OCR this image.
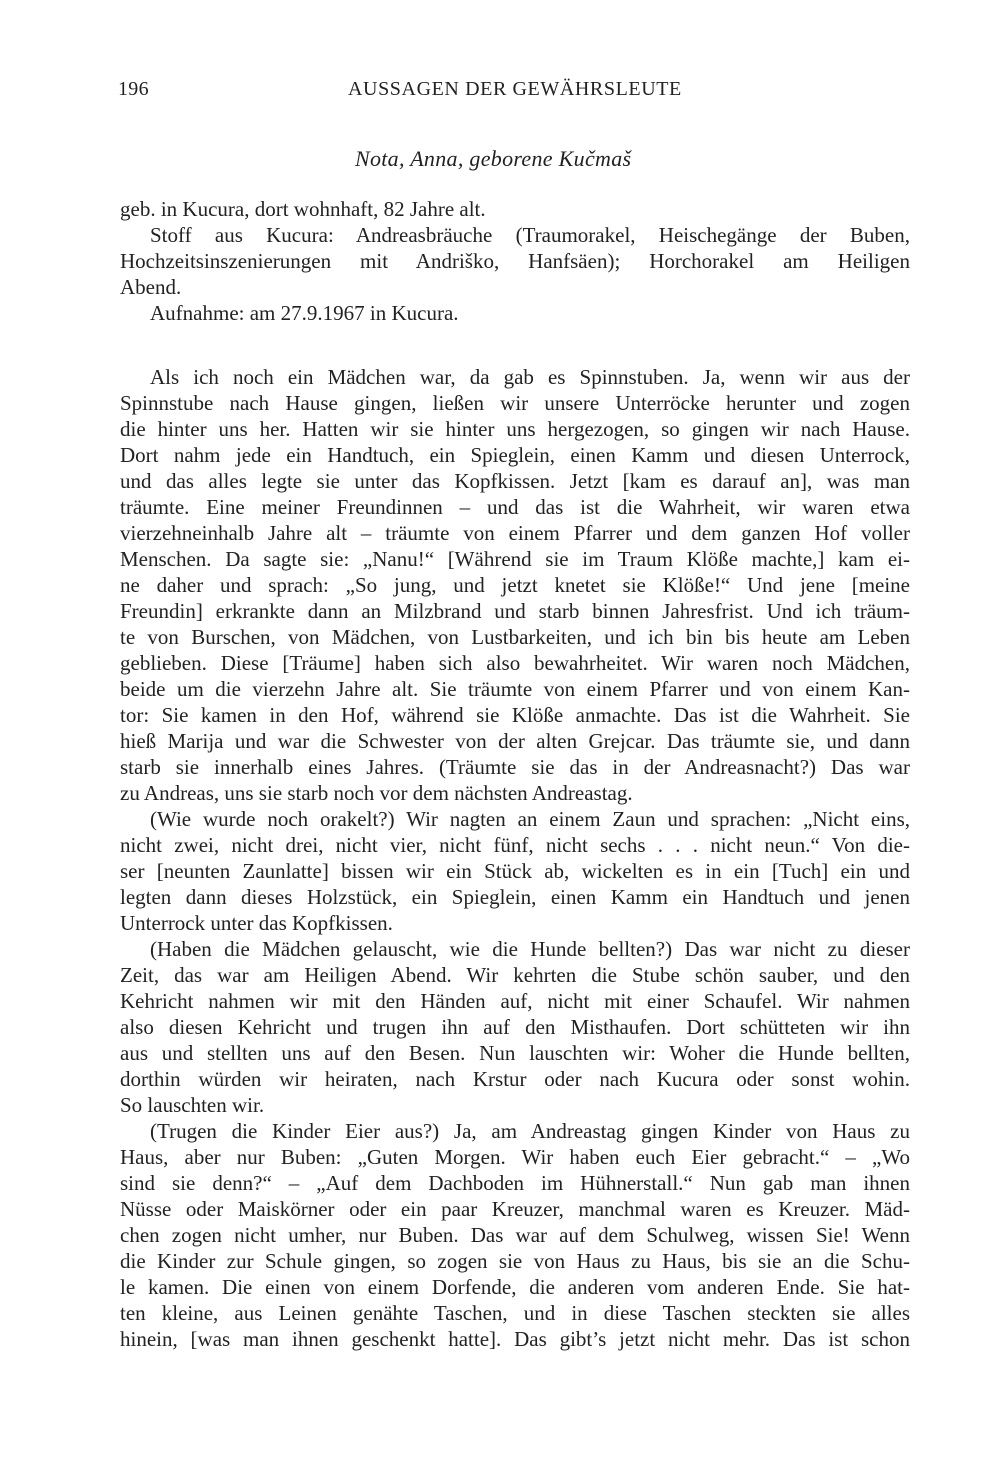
196	AUSSAGEN DER GEWÄHRSLEUTE
Nota, Anna, geborene Kučmaš
geb. in Kucura, dort wohnhaft, 82 Jahre alt.
Stoff aus Kucura: Andreasbräuche (Traumorakel, Heischegänge der Buben,
Hochzeitsinszenierungen mit Andriško, Hanfsäen); Horchorakel am Heiligen
Abend.
Aufnahme: am 27.9.1967 in Kucura.
Als ich noch ein Mädchen war, da gab es Spinnstuben. Ja, wenn wir aus der
Spinnstube nach Hause gingen, ließen wir unsere Unterröcke herunter und zogen
die hinter uns her. Hatten wir sie hinter uns hergezogen, so gingen wir nach Hause.
Dort nahm jede ein Handtuch, ein Spieglein, einen Kamm und diesen Unterrock,
und das alles legte sie unter das Kopfkissen. Jetzt [kam es darauf an], was man
träumte. Eine meiner Freundinnen – und das ist die Wahrheit, wir waren etwa
vierzehneinhalb Jahre alt – träumte von einem Pfarrer und dem ganzen Hof voller
Menschen. Da sagte sie: „Nanu!“ [Während sie im Traum Klöße machte,] kam ei-
ne daher und sprach: „So jung, und jetzt knetet sie Klöße!“ Und jene [meine
Freundin] erkrankte dann an Milzbrand und starb binnen Jahresfrist. Und ich träum-
te von Burschen, von Mädchen, von Lustbarkeiten, und ich bin bis heute am Leben
geblieben. Diese [Träume] haben sich also bewahrheitet. Wir waren noch Mädchen,
beide um die vierzehn Jahre alt. Sie träumte von einem Pfarrer und von einem Kan-
tor: Sie kamen in den Hof, während sie Klöße anmachte. Das ist die Wahrheit. Sie
hieß Marija und war die Schwester von der alten Grejcar. Das träumte sie, und dann
starb sie innerhalb eines Jahres. (Träumte sie das in der Andreasnacht?) Das war
zu Andreas, uns sie starb noch vor dem nächsten Andreastag.
(Wie wurde noch orakelt?) Wir nagten an einem Zaun und sprachen: „Nicht eins,
nicht zwei, nicht drei, nicht vier, nicht fünf, nicht sechs . . . nicht neun.“ Von die-
ser [neunten Zaunlatte] bissen wir ein Stück ab, wickelten es in ein [Tuch] ein und
legten dann dieses Holzstück, ein Spieglein, einen Kamm ein Handtuch und jenen
Unterrock unter das Kopfkissen.
(Haben die Mädchen gelauscht, wie die Hunde bellten?) Das war nicht zu dieser
Zeit, das war am Heiligen Abend. Wir kehrten die Stube schön sauber, und den
Kehricht nahmen wir mit den Händen auf, nicht mit einer Schaufel. Wir nahmen
also diesen Kehricht und trugen ihn auf den Misthaufen. Dort schütteten wir ihn
aus und stellten uns auf den Besen. Nun lauschten wir: Woher die Hunde bellten,
dorthin würden wir heiraten, nach Krstur oder nach Kucura oder sonst wohin.
So lauschten wir.
(Trugen die Kinder Eier aus?) Ja, am Andreastag gingen Kinder von Haus zu
Haus, aber nur Buben: „Guten Morgen. Wir haben euch Eier gebracht.“ – „Wo
sind sie denn?“ – „Auf dem Dachboden im Hühnerstall.“ Nun gab man ihnen
Nüsse oder Maiskörner oder ein paar Kreuzer, manchmal waren es Kreuzer. Mäd-
chen zogen nicht umher, nur Buben. Das war auf dem Schulweg, wissen Sie! Wenn
die Kinder zur Schule gingen, so zogen sie von Haus zu Haus, bis sie an die Schu-
le kamen. Die einen von einem Dorfende, die anderen vom anderen Ende. Sie hat-
ten kleine, aus Leinen genähte Taschen, und in diese Taschen steckten sie alles
hinein, [was man ihnen geschenkt hatte]. Das gibt’s jetzt nicht mehr. Das ist schon
